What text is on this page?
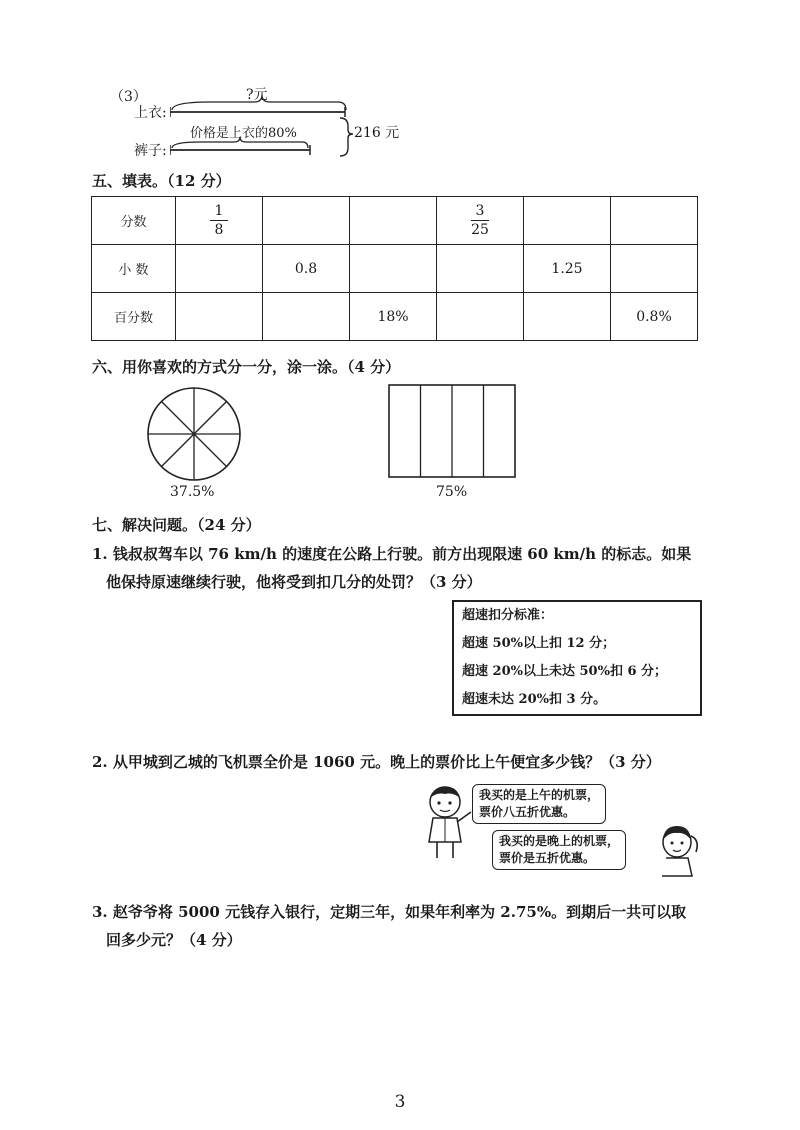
（3）
上衣:
?元
裤子:
价格是上衣的80%	216 元
五、填表。（12 分）
分数	$\frac{1}{8}$			$\frac{3}{25}$

小 数		0.8			1.25	
百分数			18%			0.8%
六、用你喜欢的方式分一分，涂一涂。（4 分）
37.5%	75%
七、解决问题。（24 分）
1. 钱叔叔驾车以 76 km/h 的速度在公路上行驶。前方出现限速 60 km/h 的标志。如果
他保持原速继续行驶，他将受到扣几分的处罚？（3 分）
超速扣分标准：
超速 50%以上扣 12 分；
超速 20%以上未达 50%扣 6 分；
超速未达 20%扣 3 分。
2. 从甲城到乙城的飞机票全价是 1060 元。晚上的票价比上午便宜多少钱？（3 分）
我买的是上午的机票，
票价八五折优惠。
我买的是晚上的机票，
票价是五折优惠。
3. 赵爷爷将 5000 元钱存入银行，定期三年，如果年利率为 2.75%。到期后一共可以取
回多少元？（4 分）
3
